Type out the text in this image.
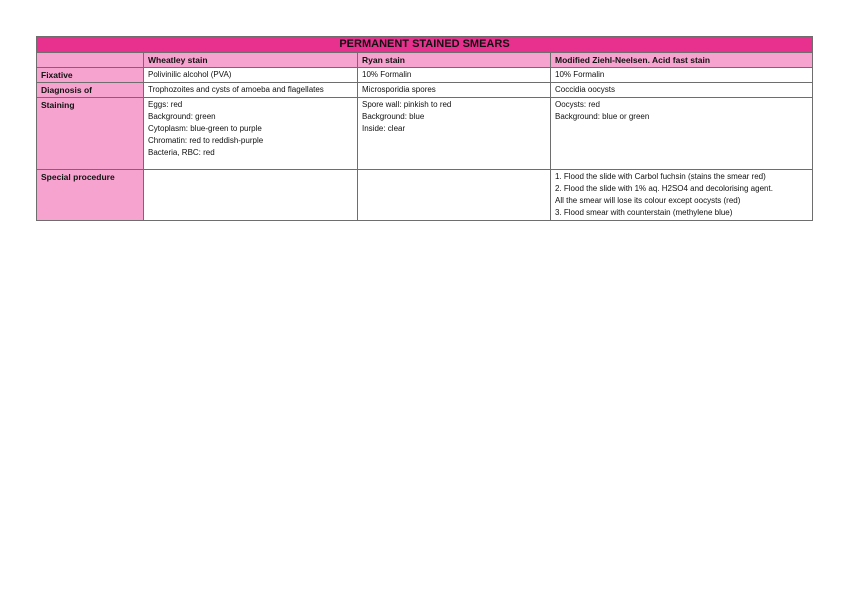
PERMANENT STAINED SMEARS			
	Wheatley stain	Ryan stain	Modified Ziehl-Neelsen. Acid fast stain
Fixative	Polivinilic alcohol (PVA)	10% Formalin	10% Formalin

Diagnosis of	Trophozoites and cysts of amoeba and flagellates	Microsporidia spores	Coccidia oocysts

Staining	Eggs: red
Background: green
Cytoplasm: blue-green to purple
Chromatin: red to reddish-purple
Bacteria, RBC: red	Spore wall: pinkish to red
Background: blue
Inside: clear	Oocysts: red
Background: blue or green

Special procedure			1. Flood the slide with Carbol fuchsin (stains the smear red)
2. Flood the slide with 1% aq. H2SO4 and decolorising agent.
All the smear will lose its colour except oocysts (red)
3. Flood smear with counterstain (methylene blue)
